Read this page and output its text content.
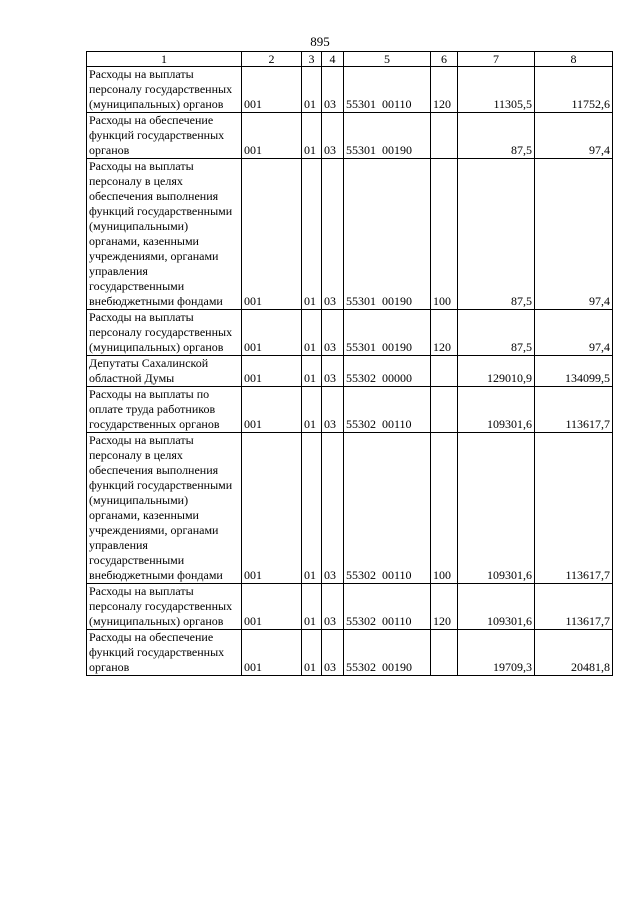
895
1	2	3	4	5	6	7	8
Расходы на выплаты персоналу государственных (муниципальных) органов	001	01	03	55301  00110	120	11305,5	11752,6
Расходы на обеспечение функций государственных органов	001	01	03	55301  00190		87,5	97,4
Расходы на выплаты персоналу в целях обеспечения выполнения функций государственными (муниципальными) органами, казенными учреждениями, органами управления государственными внебюджетными фондами	001	01	03	55301  00190	100	87,5	97,4
Расходы на выплаты персоналу государственных (муниципальных) органов	001	01	03	55301  00190	120	87,5	97,4
Депутаты Сахалинской областной Думы	001	01	03	55302  00000		129010,9	134099,5
Расходы на выплаты по оплате труда работников государственных органов	001	01	03	55302  00110		109301,6	113617,7
Расходы на выплаты персоналу в целях обеспечения выполнения функций государственными (муниципальными) органами, казенными учреждениями, органами управления государственными внебюджетными фондами	001	01	03	55302  00110	100	109301,6	113617,7
Расходы на выплаты персоналу государственных (муниципальных) органов	001	01	03	55302  00110	120	109301,6	113617,7
Расходы на обеспечение функций государственных органов	001	01	03	55302  00190		19709,3	20481,8
